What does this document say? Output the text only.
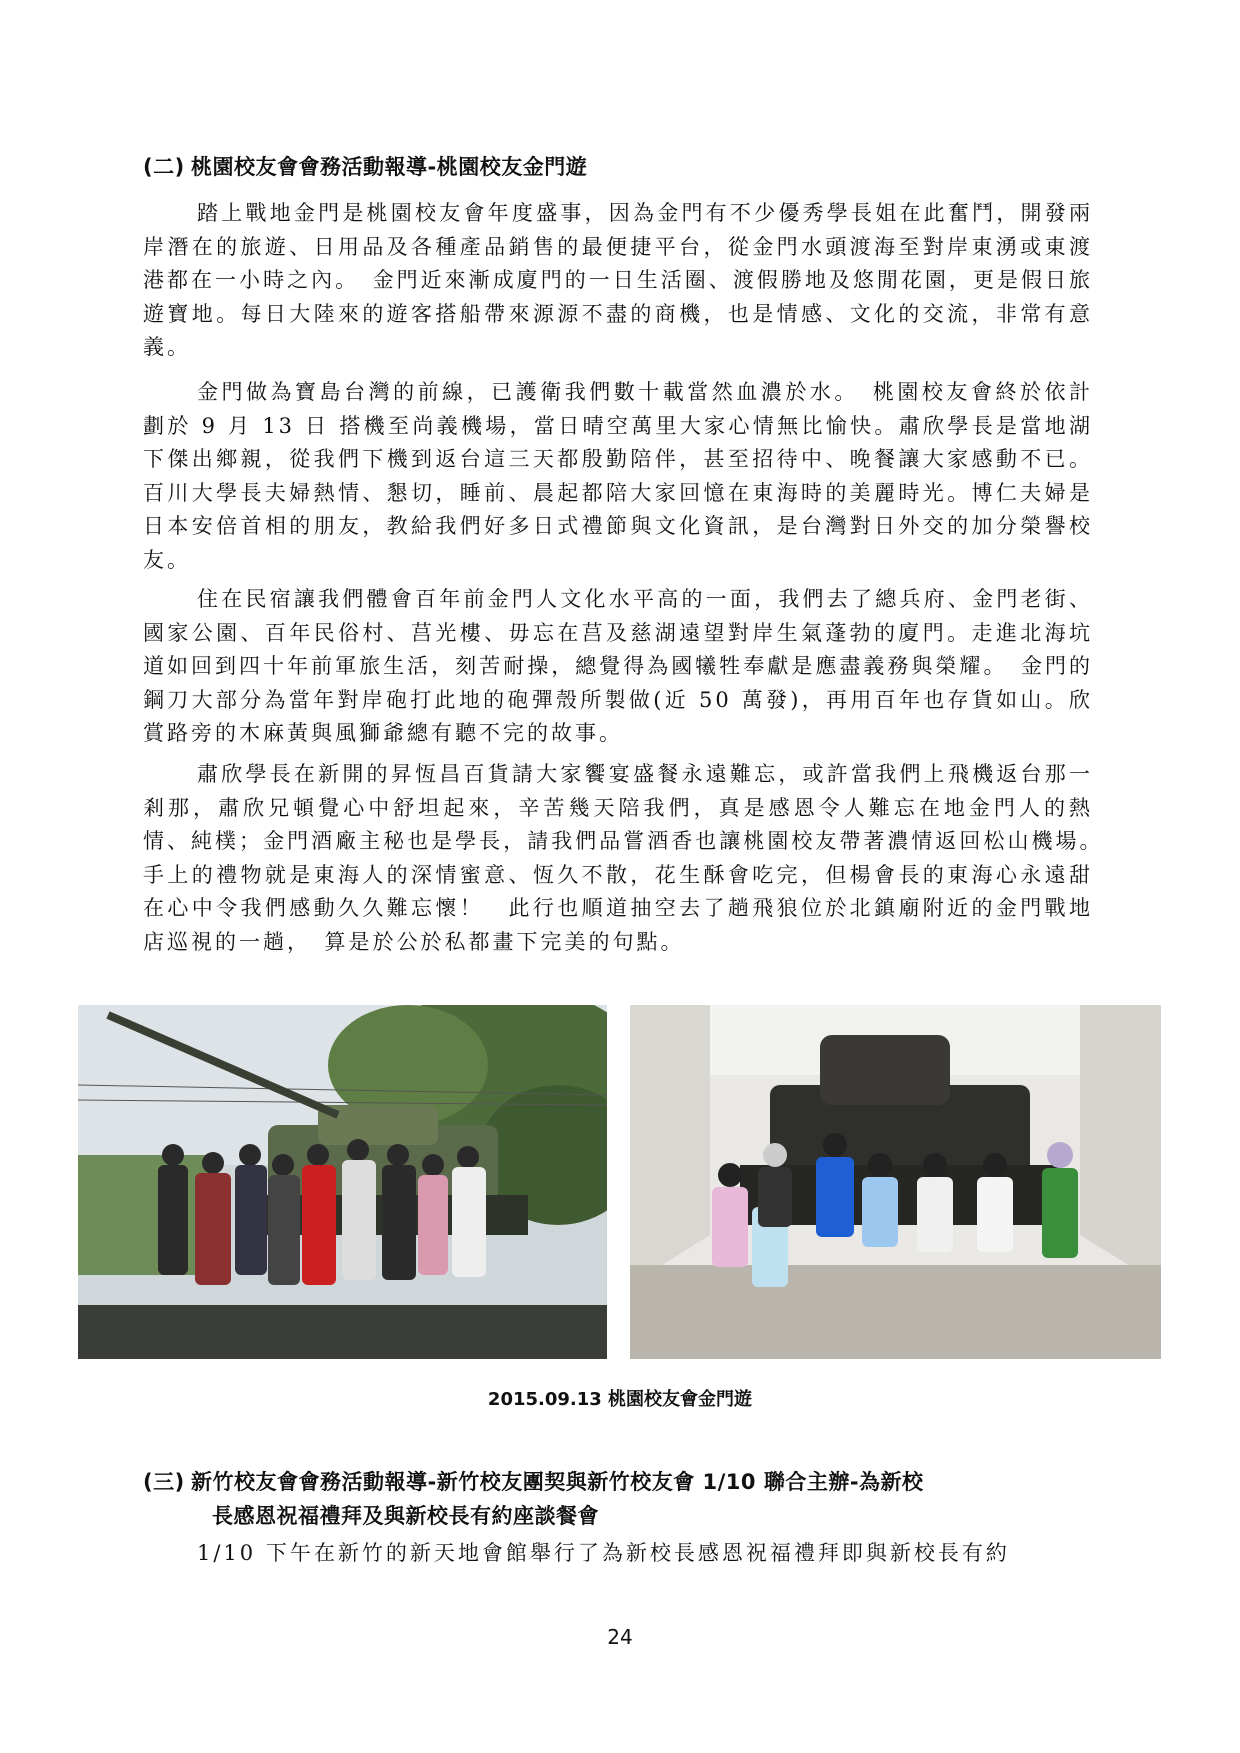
(二) 桃園校友會會務活動報導-桃園校友金門遊

踏上戰地金門是桃園校友會年度盛事，因為金門有不少優秀學長姐在此奮鬥，開發兩岸潛在的旅遊、日用品及各種產品銷售的最便捷平台，從金門水頭渡海至對岸東湧或東渡港都在一小時之內。　金門近來漸成廈門的一日生活圈、渡假勝地及悠閒花園，更是假日旅遊寶地。每日大陸來的遊客搭船帶來源源不盡的商機，也是情感、文化的交流，非常有意義。

金門做為寶島台灣的前線，已護衛我們數十載當然血濃於水。　桃園校友會終於依計劃於 9 月 13 日 搭機至尚義機場，當日晴空萬里大家心情無比愉快。肅欣學長是當地湖下傑出鄉親，從我們下機到返台這三天都殷勤陪伴，甚至招待中、晚餐讓大家感動不已。百川大學長夫婦熱情、懇切，睡前、晨起都陪大家回憶在東海時的美麗時光。博仁夫婦是日本安倍首相的朋友，教給我們好多日式禮節與文化資訊，是台灣對日外交的加分榮譽校友。

住在民宿讓我們體會百年前金門人文化水平高的一面，我們去了總兵府、金門老街、國家公園、百年民俗村、莒光樓、毋忘在莒及慈湖遠望對岸生氣蓬勃的廈門。走進北海坑道如回到四十年前軍旅生活，刻苦耐操，總覺得為國犧牲奉獻是應盡義務與榮耀。　金門的鋼刀大部分為當年對岸砲打此地的砲彈殼所製做(近 50 萬發)，再用百年也存貨如山。欣賞路旁的木麻黃與風獅爺總有聽不完的故事。

肅欣學長在新開的昇恆昌百貨請大家饗宴盛餐永遠難忘，或許當我們上飛機返台那一剎那，肅欣兄頓覺心中舒坦起來，辛苦幾天陪我們，真是感恩令人難忘在地金門人的熱情、純樸；金門酒廠主秘也是學長，請我們品嘗酒香也讓桃園校友帶著濃情返回松山機場。　手上的禮物就是東海人的深情蜜意、恆久不散，花生酥會吃完，但楊會長的東海心永遠甜在心中令我們感動久久難忘懷！　此行也順道抽空去了趟飛狼位於北鎮廟附近的金門戰地店巡視的一趟，　算是於公於私都畫下完美的句點。

2015.09.13 桃園校友會金門遊
(三) 新竹校友會會務活動報導-新竹校友團契與新竹校友會 1/10 聯合主辦-為新校
長感恩祝福禮拜及與新校長有約座談餐會

1/10 下午在新竹的新天地會館舉行了為新校長感恩祝福禮拜即與新校長有約

24
